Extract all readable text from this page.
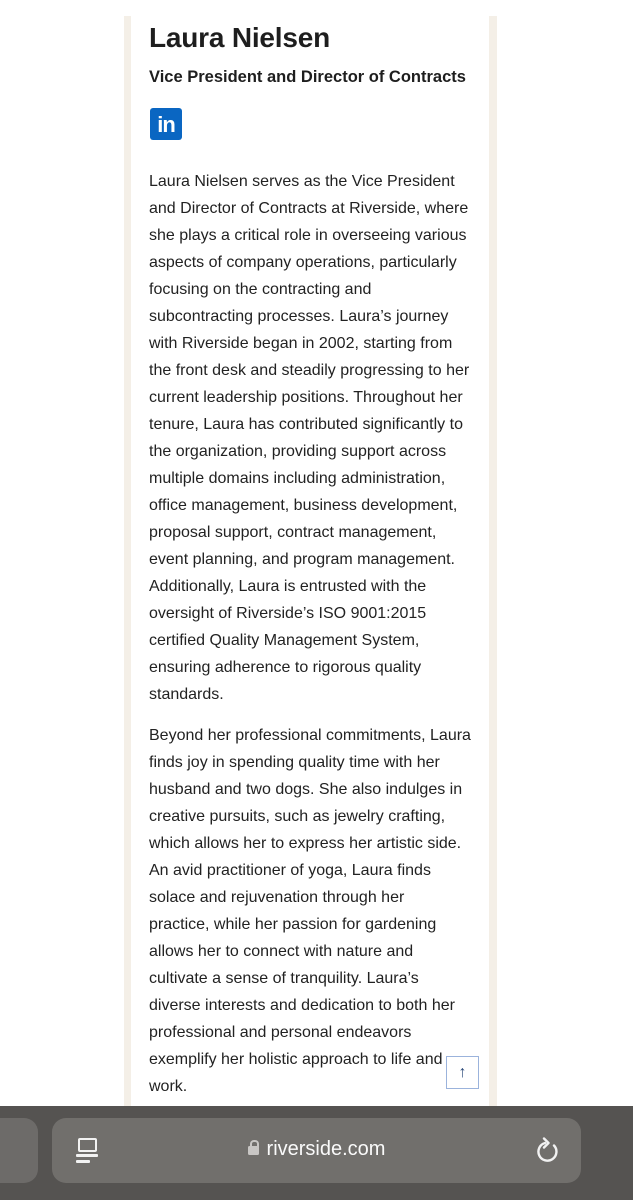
Laura Nielsen
Vice President and Director of Contracts
in
Laura Nielsen serves as the Vice President
and Director of Contracts at Riverside, where
she plays a critical role in overseeing various
aspects of company operations, particularly
focusing on the contracting and
subcontracting processes. Laura’s journey
with Riverside began in 2002, starting from
the front desk and steadily progressing to her
current leadership positions. Throughout her
tenure, Laura has contributed significantly to
the organization, providing support across
multiple domains including administration,
office management, business development,
proposal support, contract management,
event planning, and program management.
Additionally, Laura is entrusted with the
oversight of Riverside’s ISO 9001:2015
certified Quality Management System,
ensuring adherence to rigorous quality
standards.
Beyond her professional commitments, Laura
finds joy in spending quality time with her
husband and two dogs. She also indulges in
creative pursuits, such as jewelry crafting,
which allows her to express her artistic side.
An avid practitioner of yoga, Laura finds
solace and rejuvenation through her
practice, while her passion for gardening
allows her to connect with nature and
cultivate a sense of tranquility. Laura’s
diverse interests and dedication to both her
professional and personal endeavors
exemplify her holistic approach to life and
work.
↑
riverside.com
